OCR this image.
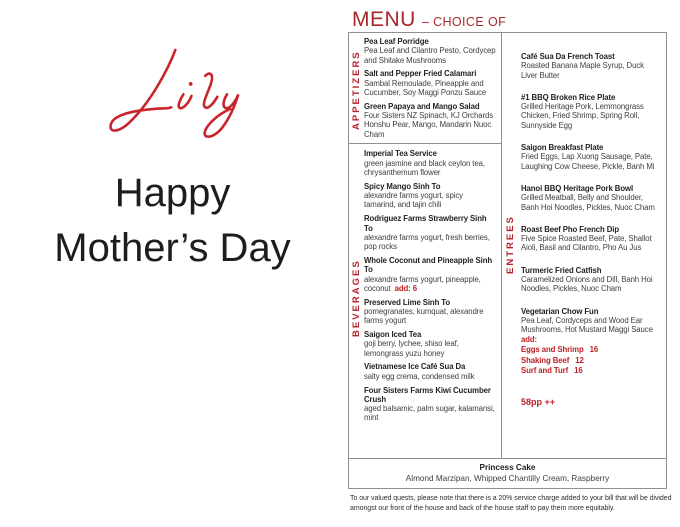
Happy
Mother’s Day
MENU – CHOICE OF
APPETIZERS
BEVERAGES
Pea Leaf Porridge
Pea Leaf and Cilantro Pesto, Cordycep and Shitake Mushrooms
Salt and Pepper Fried Calamari
Sambal Remoulade, Pineapple and Cucumber, Soy Maggi Ponzu Sauce
Green Papaya and Mango Salad
Four Sisters NZ Spinach, KJ Orchards Honshu Pear, Mango, Mandarin Nuoc Cham
Imperial Tea Service
green jasmine and black ceylon tea, chrysanthemum flower
Spicy Mango Sinh To
alexandre farms yogurt, spicy tamarind, and tajin chili
Rodriguez Farms Strawberry Sinh To
alexandre farms yogurt, fresh berries, pop rocks
Whole Coconut and Pineapple Sinh To
alexandre farms yogurt, pineapple, coconut add: 6
Preserved Lime Sinh To
pomegranates, kumquat, alexandre farms yogurt
Saigon Iced Tea
goji berry, lychee, shiso leaf, lemongrass yuzu honey
Vietnamese Ice Café Sua Da
salty egg crema, condensed milk
Four Sisters Farms Kiwi Cucumber Crush
aged balsamic, palm sugar, kalamansi, mint
ENTREES
Café Sua Da French Toast
Roasted Banana Maple Syrup, Duck Liver Butter
#1 BBQ Broken Rice Plate
Grilled Heritage Pork, Lemmongrass Chicken, Fried Shrimp, Spring Roll, Sunnyside Egg
Saigon Breakfast Plate
Fried Eggs, Lap Xuong Sausage, Pate, Laughing Cow Cheese, Pickle, Banh Mi
Hanoi BBQ Heritage Pork Bowl
Grilled Meatball, Belly and Shoulder, Banh Hoi Noodles, Pickles, Nuoc Cham
Roast Beef Pho French Dip
Five Spice Roasted Beef, Pate, Shallot Aioli, Basil and Cilantro, Pho Au Jus
Turmeric Fried Catfish
Caramelized Onions and Dill, Banh Hoi Noodles, Pickles, Nuoc Cham
Vegetarian Chow Fun
Pea Leaf, Cordyceps and Wood Ear Mushrooms, Hot Mustard Maggi Sauce
add:
Eggs and Shrimp 16
Shaking Beef 12
Surf and Turf 16
58pp ++
Princess Cake
Almond Marzipan, Whipped Chantilly Cream, Raspberry
To our valued quests, please note that there is a 20% service charge added to your bill that will be divided amongst our front of the house and back of the house staff to pay them more equitably.
